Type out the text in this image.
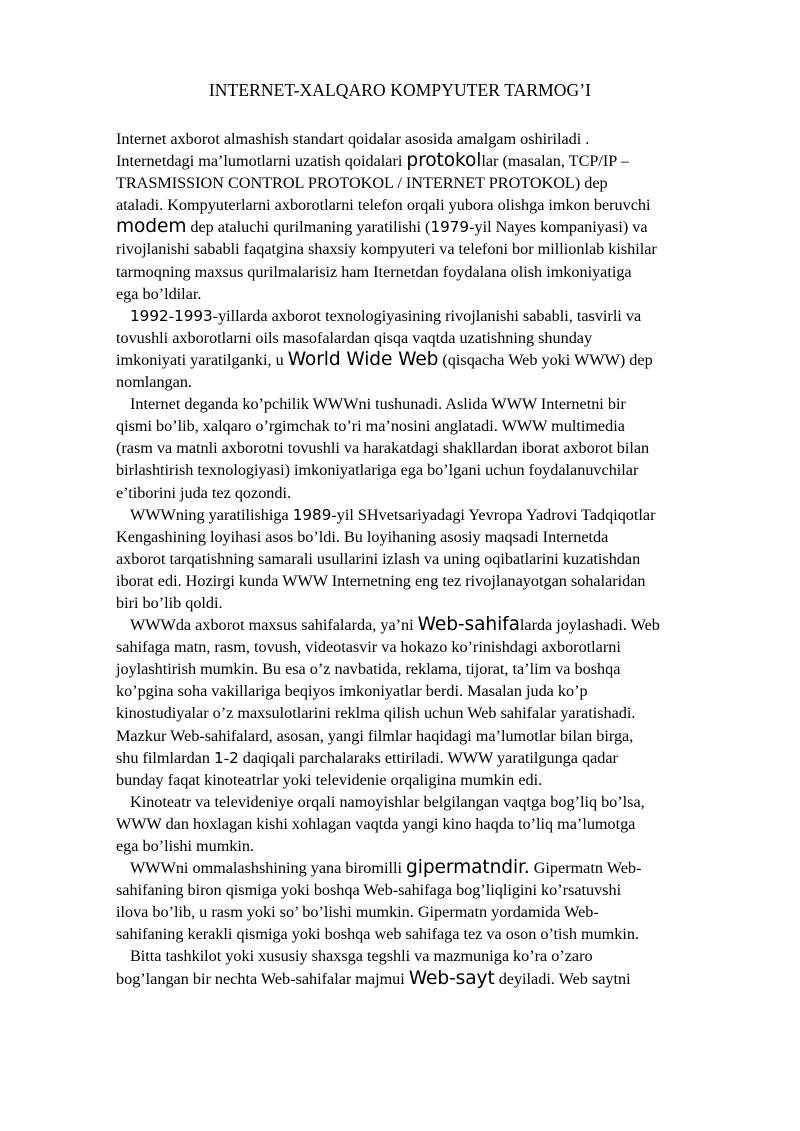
INTERNET-XALQARO KOMPYUTER TARMOG’I

Internet axborot almashish standart qoidalar asosida amalgam oshiriladi .
Internetdagi ma’lumotlarni uzatish qoidalari protokollar (masalan, TCP/IP –
TRASMISSION CONTROL PROTOKOL / INTERNET PROTOKOL) dep
ataladi. Kompyuterlarni axborotlarni telefon orqali yubora olishga imkon beruvchi
modem dep ataluchi qurilmaning yaratilishi (1979-yil Nayes kompaniyasi) va
rivojlanishi sababli faqatgina shaxsiy kompyuteri va telefoni bor millionlab kishilar
tarmoqning maxsus qurilmalarisiz ham Iternetdan foydalana olish imkoniyatiga
ega bo’ldilar.

1992-1993-yillarda axborot texnologiyasining rivojlanishi sababli, tasvirli va
tovushli axborotlarni oils masofalardan qisqa vaqtda uzatishning shunday
imkoniyati yaratilganki, u World Wide Web (qisqacha Web yoki WWW) dep
nomlangan.

Internet deganda ko’pchilik WWWni tushunadi. Aslida WWW Internetni bir
qismi bo’lib, xalqaro o’rgimchak to’ri ma’nosini anglatadi. WWW multimedia
(rasm va matnli axborotni tovushli va harakatdagi shakllardan iborat axborot bilan
birlashtirish texnologiyasi) imkoniyatlariga ega bo’lgani uchun foydalanuvchilar
e’tiborini juda tez qozondi.

WWWning yaratilishiga 1989-yil SHvetsariyadagi Yevropa Yadrovi Tadqiqotlar
Kengashining loyihasi asos bo’ldi. Bu loyihaning asosiy maqsadi Internetda
axborot tarqatishning samarali usullarini izlash va uning oqibatlarini kuzatishdan
iborat edi. Hozirgi kunda WWW Internetning eng tez rivojlanayotgan sohalaridan
biri bo’lib qoldi.

WWWda axborot maxsus sahifalarda, ya’ni Web-sahifalarda joylashadi. Web
sahifaga matn, rasm, tovush, videotasvir va hokazo ko’rinishdagi axborotlarni
joylashtirish mumkin. Bu esa o’z navbatida, reklama, tijorat, ta’lim va boshqa
ko’pgina soha vakillariga beqiyos imkoniyatlar berdi. Masalan juda ko’p
kinostudiyalar o’z maxsulotlarini reklma qilish uchun Web sahifalar yaratishadi.
Mazkur Web-sahifalard, asosan, yangi filmlar haqidagi ma’lumotlar bilan birga,
shu filmlardan 1-2 daqiqali parchalaraks ettiriladi. WWW yaratilgunga qadar
bunday faqat kinoteatrlar yoki televidenie orqaligina mumkin edi.

Kinoteatr va televideniye orqali namoyishlar belgilangan vaqtga bog’liq bo’lsa,
WWW dan hoxlagan kishi xohlagan vaqtda yangi kino haqda to’liq ma’lumotga
ega bo’lishi mumkin.

WWWni ommalashshining yana biromilli gipermatndir. Gipermatn Web-
sahifaning biron qismiga yoki boshqa Web-sahifaga bog’liqligini ko’rsatuvshi
ilova bo’lib, u rasm yoki so’ bo’lishi mumkin. Gipermatn yordamida Web-
sahifaning kerakli qismiga yoki boshqa web sahifaga tez va oson o’tish mumkin.

Bitta tashkilot yoki xususiy shaxsga tegshli va mazmuniga ko’ra o’zaro
bog’langan bir nechta Web-sahifalar majmui Web-sayt deyiladi. Web saytni
